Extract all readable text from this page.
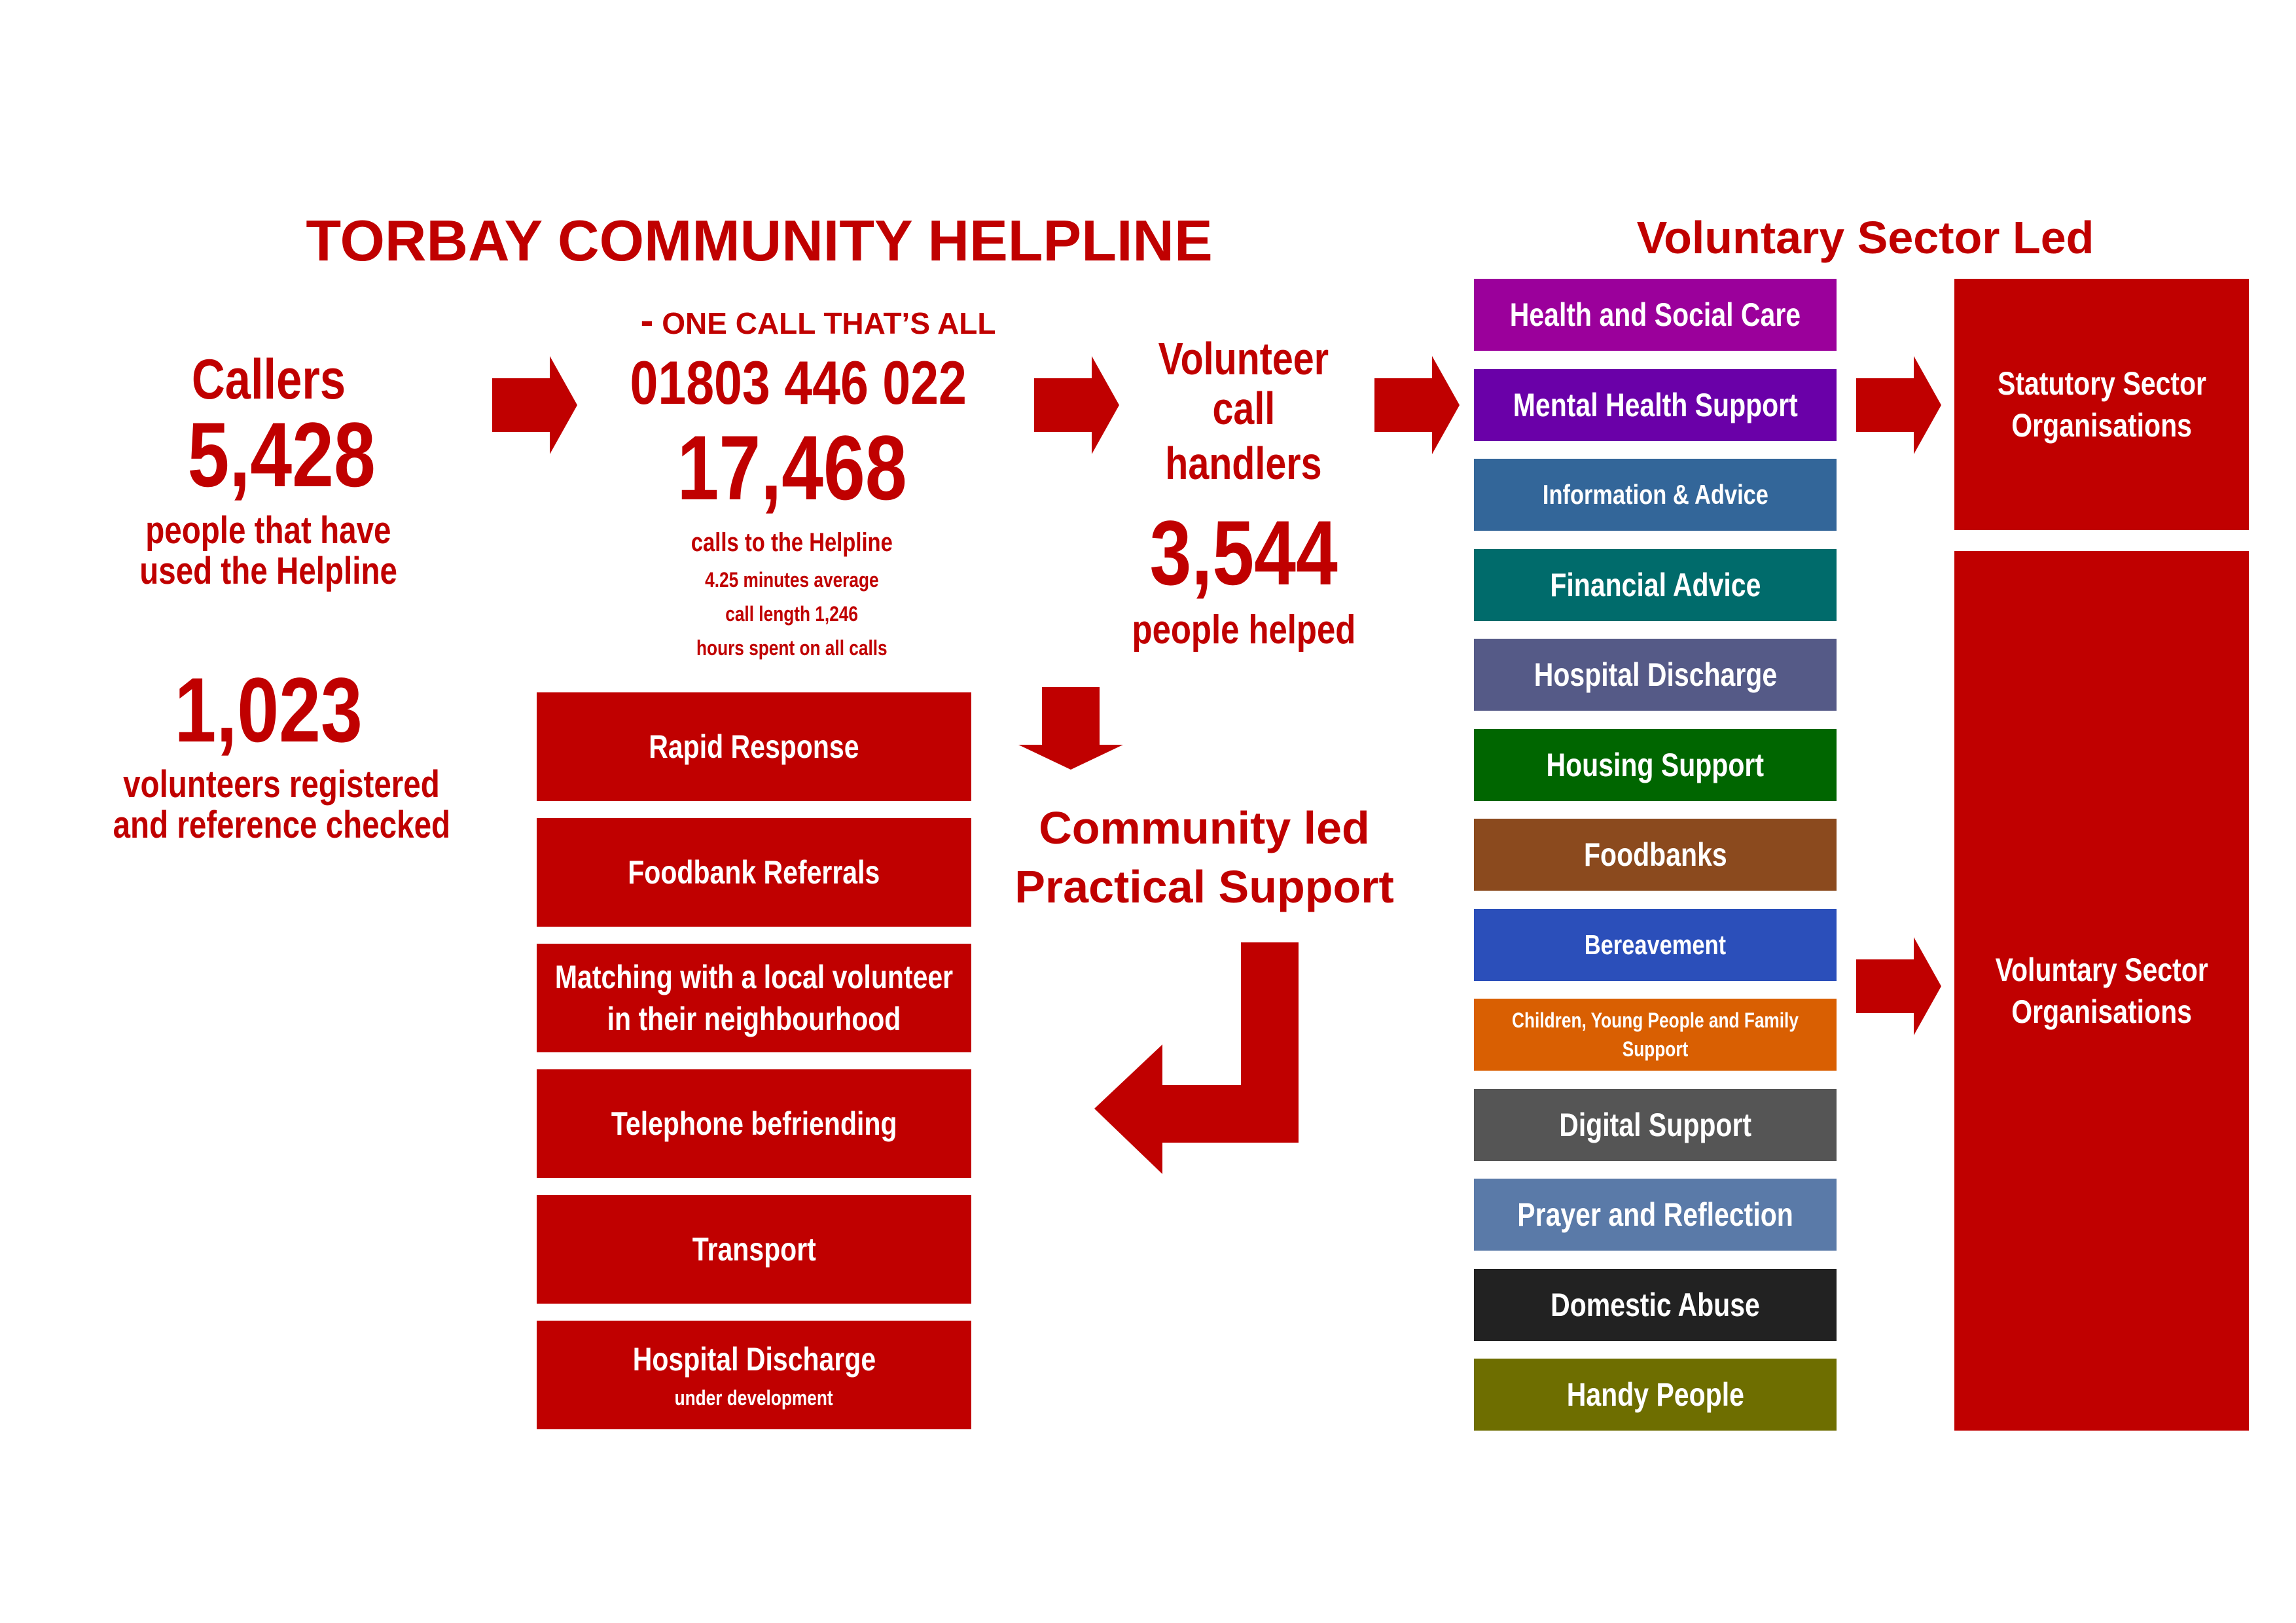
TORBAY COMMUNITY HELPLINE
- ONE CALL THAT’S ALL
Callers
5,428
people that have
used the Helpline
1,023
volunteers registered
and reference checked
01803 446 022
17,468
calls to the Helpline
4.25 minutes average
call length 1,246
hours spent on all calls
Volunteer
call
handlers
3,544
people helped
Community led
Practical Support
Rapid Response
Foodbank Referrals
Matching with a local volunteer in their neighbourhood
Telephone befriending
Transport
Hospital Discharge
under development
Voluntary Sector Led
Health and Social Care
Mental Health Support
Information & Advice
Financial Advice
Hospital Discharge
Housing Support
Foodbanks
Bereavement
Children, Young People and Family Support
Digital Support
Prayer and Reflection
Domestic Abuse
Handy People
Statutory Sector
Organisations
Voluntary Sector
Organisations
